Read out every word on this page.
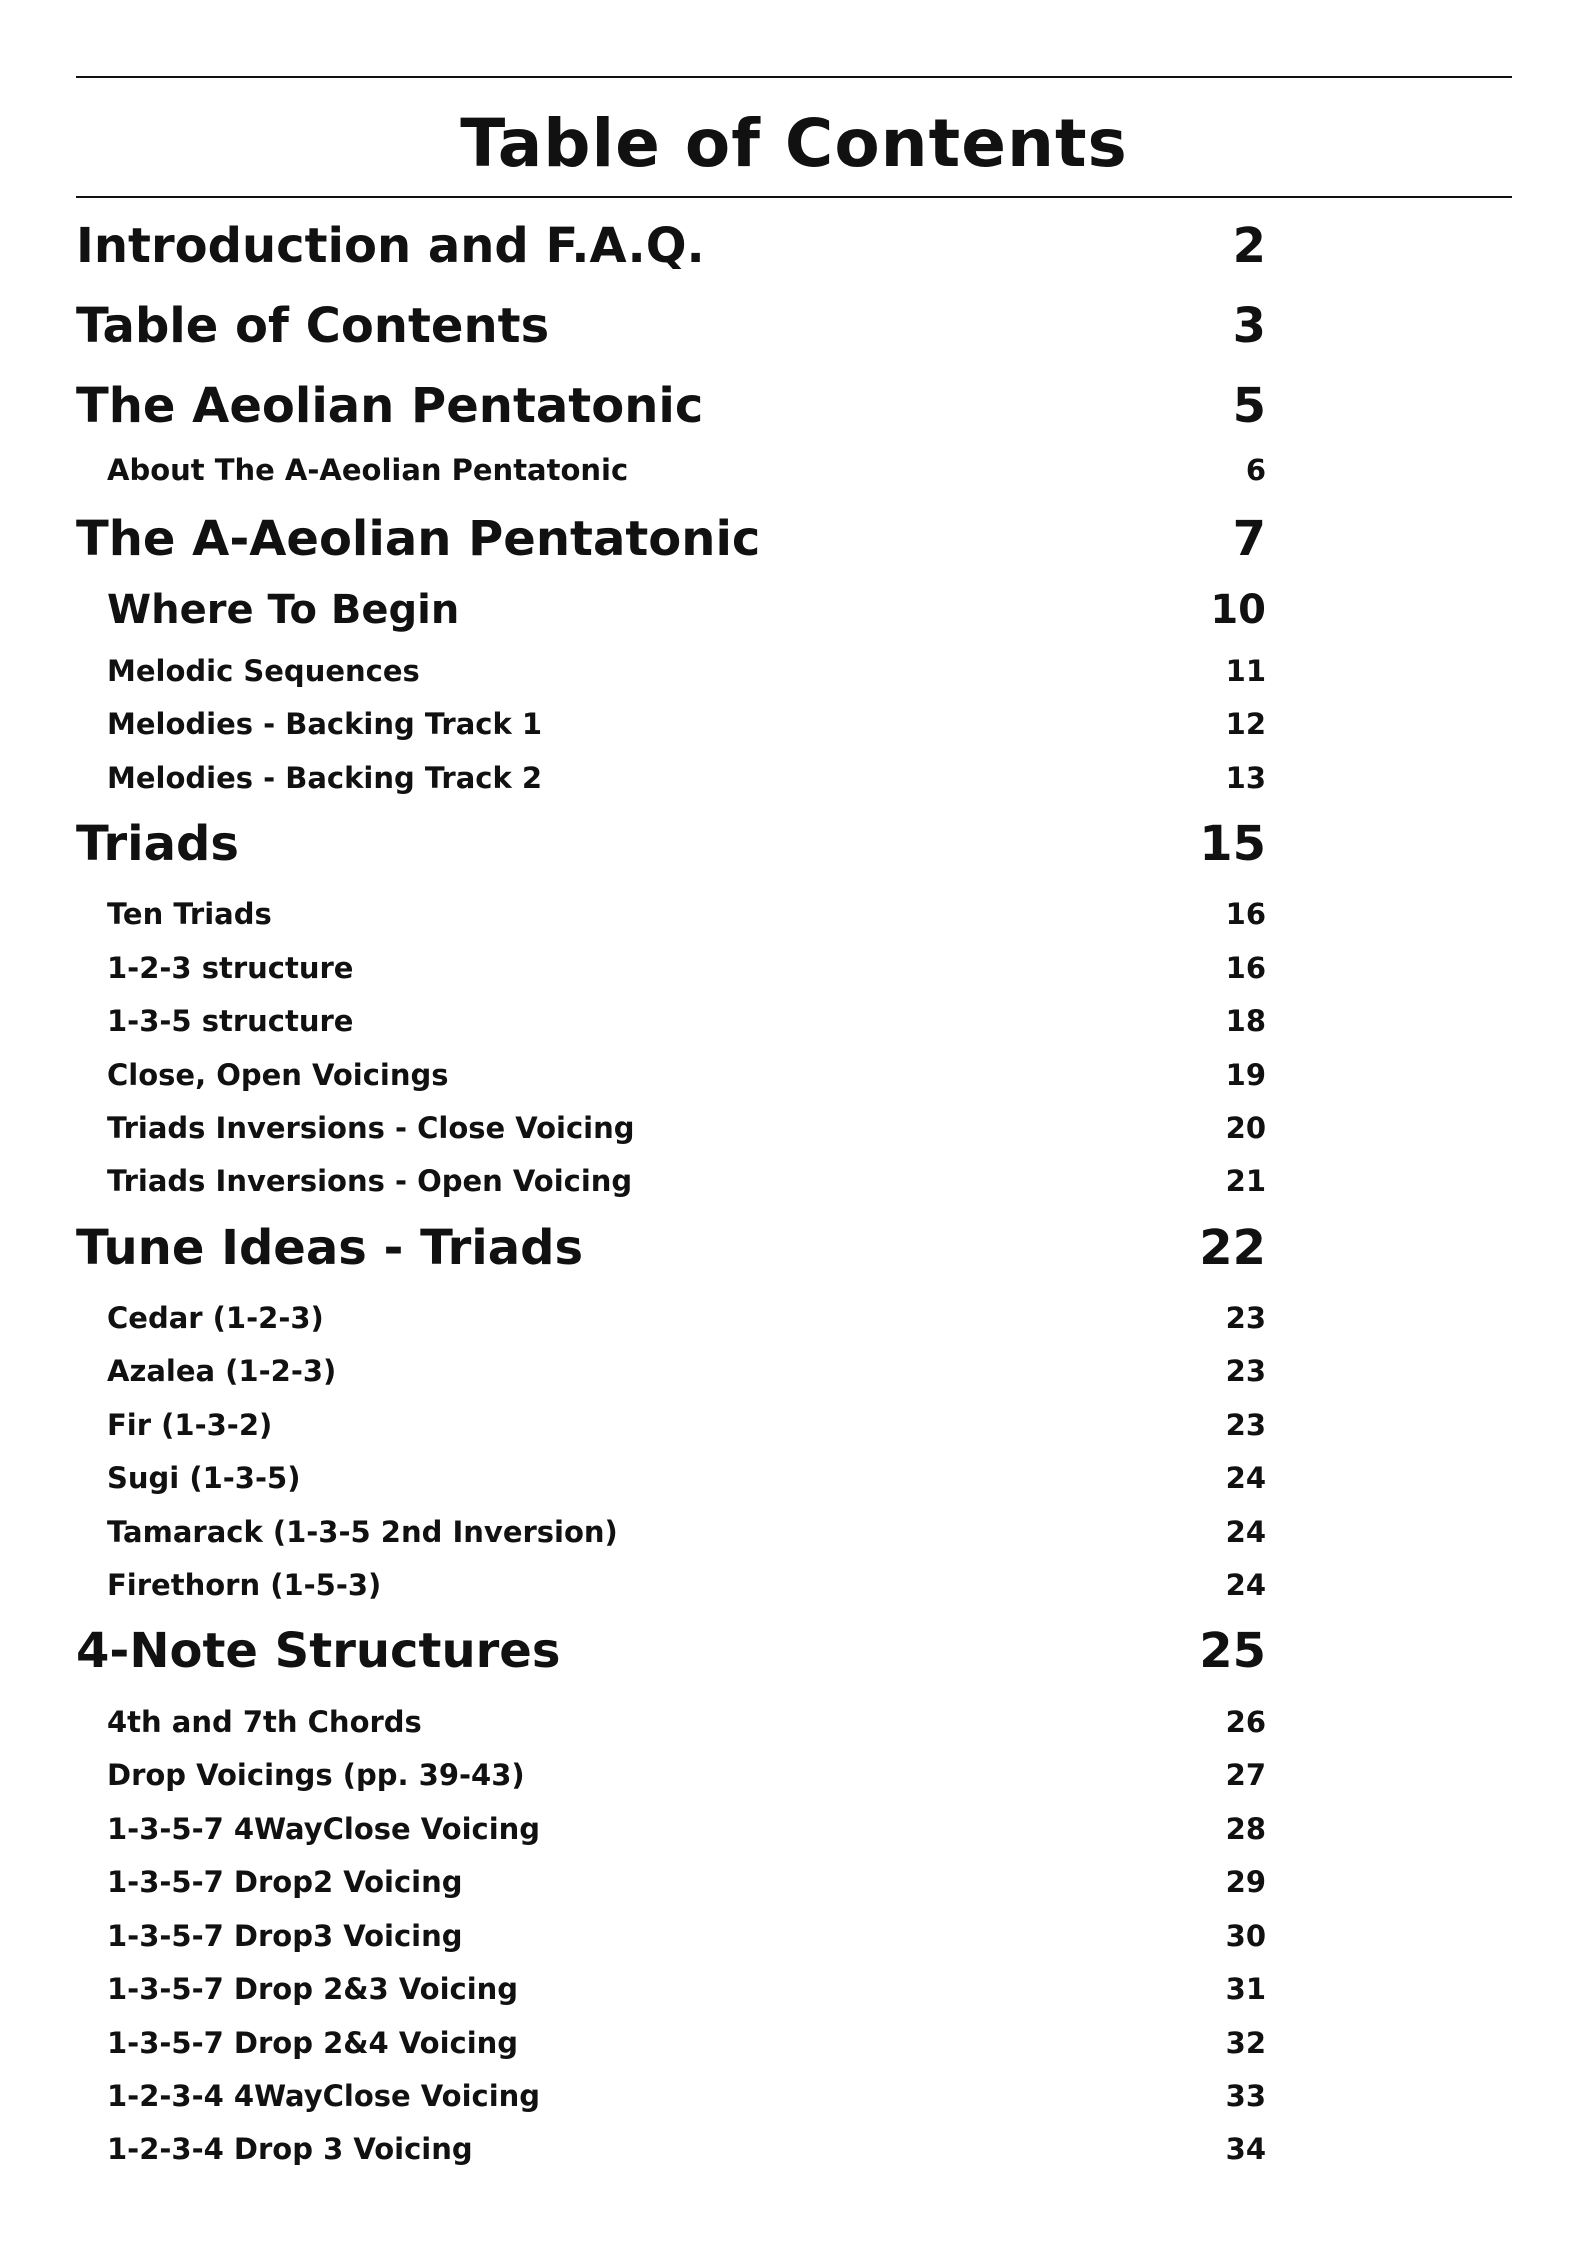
Table of Contents
Introduction and F.A.Q.	2
Table of Contents	3
The Aeolian Pentatonic	5
About The A-Aeolian Pentatonic	6
The A-Aeolian Pentatonic	7
Where To Begin	10
Melodic Sequences	11
Melodies - Backing Track 1	12
Melodies - Backing Track 2	13
Triads	15
Ten Triads	16
1-2-3 structure	16
1-3-5 structure	18
Close, Open Voicings	19
Triads Inversions - Close Voicing	20
Triads Inversions - Open Voicing	21
Tune Ideas - Triads	22
Cedar (1-2-3)	23
Azalea (1-2-3)	23
Fir (1-3-2)	23
Sugi (1-3-5)	24
Tamarack (1-3-5 2nd Inversion)	24
Firethorn (1-5-3)	24
4-Note Structures	25
4th and 7th Chords	26
Drop Voicings (pp. 39-43)	27
1-3-5-7 4WayClose Voicing	28
1-3-5-7 Drop2 Voicing	29
1-3-5-7 Drop3 Voicing	30
1-3-5-7 Drop 2&3 Voicing	31
1-3-5-7 Drop 2&4 Voicing	32
1-2-3-4 4WayClose Voicing	33
1-2-3-4 Drop 3 Voicing	34
